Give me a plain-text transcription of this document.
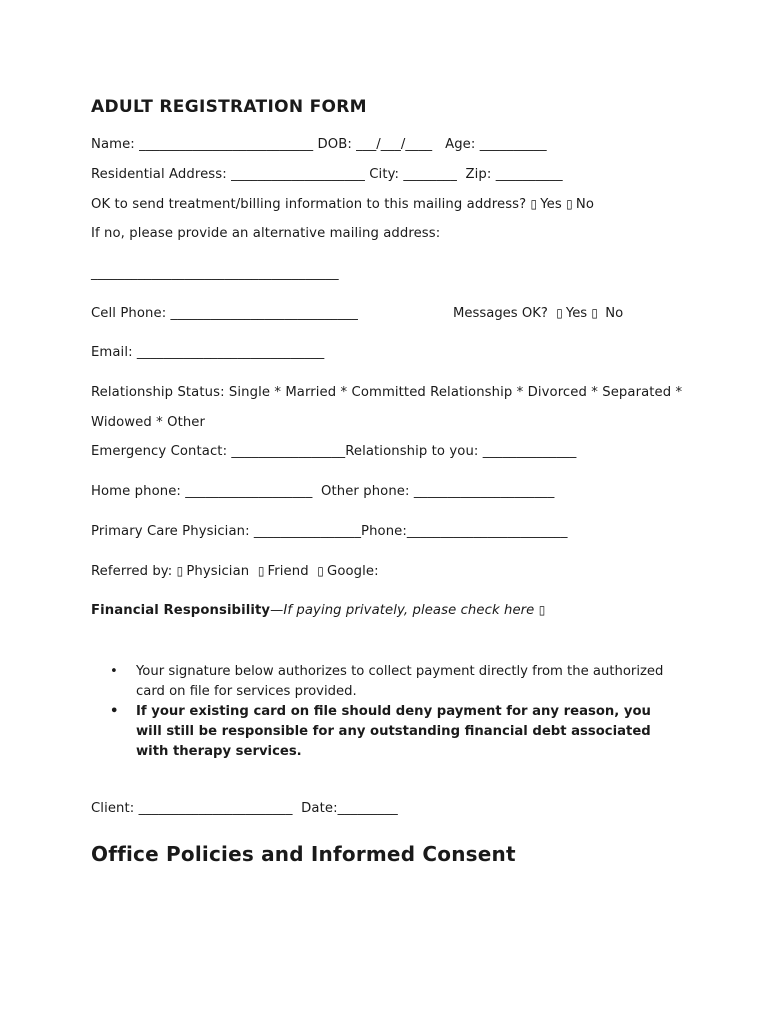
ADULT REGISTRATION FORM
Name: __________________________ DOB: ___/___/____   Age: __________
Residential Address: ____________________ City: ________  Zip: __________
OK to send treatment/billing information to this mailing address? ▯ Yes ▯ No
If no, please provide an alternative mailing address:
_____________________________________
Cell Phone: ____________________________	Messages OK?  ▯ Yes ▯ No
Email: ____________________________
Relationship Status: Single * Married * Committed Relationship * Divorced * Separated *
Widowed * Other
Emergency Contact: _________________Relationship to you: ______________
Home phone: ___________________  Other phone: _____________________
Primary Care Physician: ________________Phone:________________________
Referred by: ▯ Physician ▯ Friend ▯ Google:
Financial Responsibility—If paying privately, please check here ▯
• Your signature below authorizes to collect payment directly from the authorized card on file for services provided.
• If your existing card on file should deny payment for any reason, you will still be responsible for any outstanding financial debt associated with therapy services.
Client: _______________________  Date:_________
Office Policies and Informed Consent
